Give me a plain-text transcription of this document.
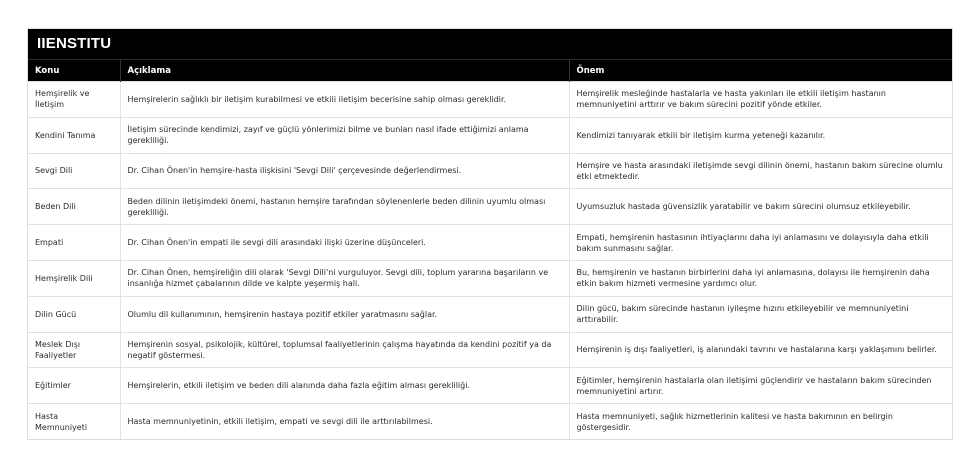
IIENSTITU
Konu	Açıklama	Önem
Hemşirelik ve İletişim	Hemşirelerin sağlıklı bir iletişim kurabilmesi ve etkili iletişim becerisine sahip olması gereklidir.	Hemşirelik mesleğinde hastalarla ve hasta yakınları ile etkili iletişim hastanın memnuniyetini arttırır ve bakım sürecini pozitif yönde etkiler.
Kendini Tanıma	İletişim sürecinde kendimizi, zayıf ve güçlü yönlerimizi bilme ve bunları nasıl ifade ettiğimizi anlama gerekliliği.	Kendimizi tanıyarak etkili bir iletişim kurma yeteneği kazanılır.
Sevgi Dili	Dr. Cihan Önen'in hemşire-hasta ilişkisini 'Sevgi Dili' çerçevesinde değerlendirmesi.	Hemşire ve hasta arasındaki iletişimde sevgi dilinin önemi, hastanın bakım sürecine olumlu etki etmektedir.
Beden Dili	Beden dilinin iletişimdeki önemi, hastanın hemşire tarafından söylenenlerle beden dilinin uyumlu olması gerekliliği.	Uyumsuzluk hastada güvensizlik yaratabilir ve bakım sürecini olumsuz etkileyebilir.
Empati	Dr. Cihan Önen'in empati ile sevgi dili arasındaki ilişki üzerine düşünceleri.	Empati, hemşirenin hastasının ihtiyaçlarını daha iyi anlamasını ve dolayısıyla daha etkili bakım sunmasını sağlar.
Hemşirelik Dili	Dr. Cihan Önen, hemşireliğin dili olarak 'Sevgi Dili'ni vurguluyor. Sevgi dili, toplum yararına başarıların ve insanlığa hizmet çabalarının dilde ve kalpte yeşermiş hali.	Bu, hemşirenin ve hastanın birbirlerini daha iyi anlamasına, dolayısı ile hemşirenin daha etkin bakım hizmeti vermesine yardımcı olur.
Dilin Gücü	Olumlu dil kullanımının, hemşirenin hastaya pozitif etkiler yaratmasını sağlar.	Dilin gücü, bakım sürecinde hastanın iyileşme hızını etkileyebilir ve memnuniyetini arttırabilir.
Meslek Dışı Faaliyetler	Hemşirenin sosyal, psikolojik, kültürel, toplumsal faaliyetlerinin çalışma hayatında da kendini pozitif ya da negatif göstermesi.	Hemşirenin iş dışı faaliyetleri, iş alanındaki tavrını ve hastalarına karşı yaklaşımını belirler.
Eğitimler	Hemşirelerin, etkili iletişim ve beden dili alanında daha fazla eğitim alması gerekliliği.	Eğitimler, hemşirenin hastalarla olan iletişimi güçlendirir ve hastaların bakım sürecinden memnuniyetini artırır.
Hasta Memnuniyeti	Hasta memnuniyetinin, etkili iletişim, empati ve sevgi dili ile arttırılabilmesi.	Hasta memnuniyeti, sağlık hizmetlerinin kalitesi ve hasta bakımının en belirgin göstergesidir.
